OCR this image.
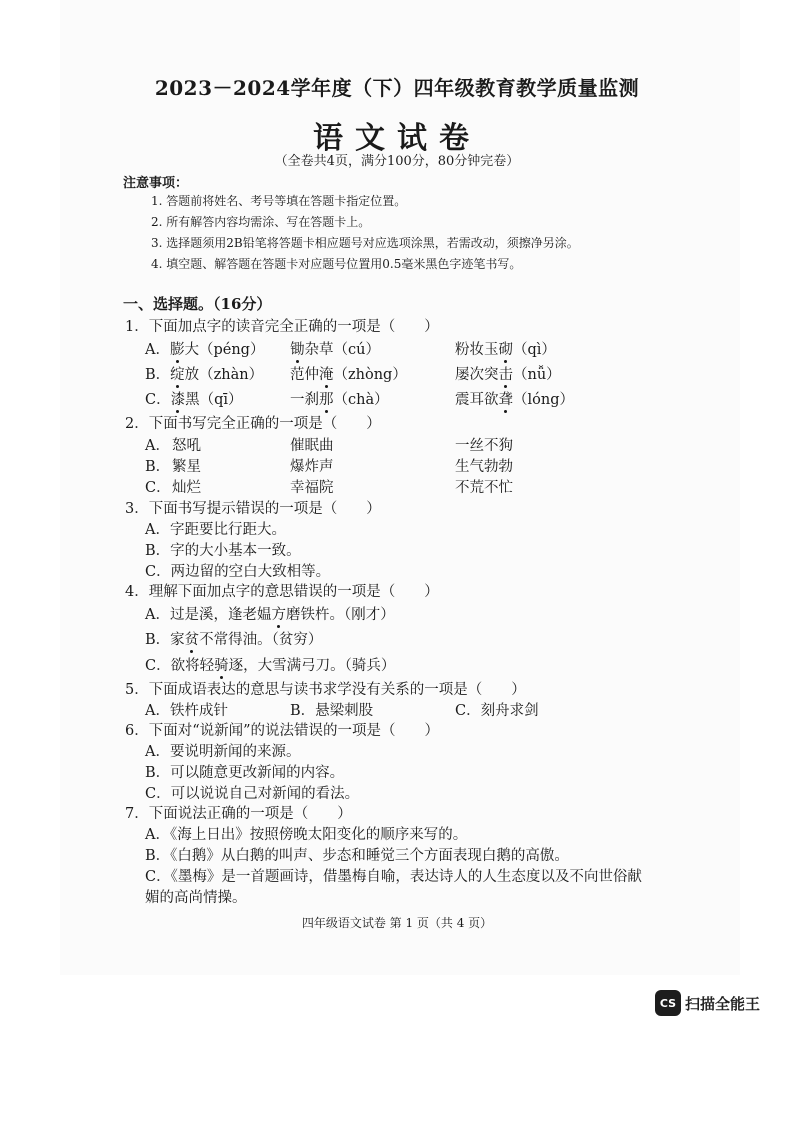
2023－2024学年度（下）四年级教育教学质量监测
语文试卷
（全卷共4页，满分100分，80分钟完卷）
注意事项：
1. 答题前将姓名、考号等填在答题卡指定位置。
2. 所有解答内容均需涂、写在答题卡上。
3. 选择题须用2B铅笔将答题卡相应题号对应选项涂黑，若需改动，须擦净另涂。
4. 填空题、解答题在答题卡对应题号位置用0.5毫米黑色字迹笔书写。
一、选择题。（16分）
1．下面加点字的读音完全正确的一项是（　　）
A．膨大（péng） 锄杂草（cú）	粉妆玉砌（qì）
B．绽放（zhàn） 范仲淹（zhòng）	屡次突击（nǚ）
C．漆黑（qī）	一刹那（chà）	震耳欲聋（lóng）
2．下面书写完全正确的一项是（　　）
A． 怒吼	催眠曲	一丝不狗
B． 繁星	爆炸声	生气勃勃
C． 灿烂	幸福院	不荒不忙
3．下面书写提示错误的一项是（　　）
A．字距要比行距大。
B．字的大小基本一致。
C．两边留的空白大致相等。
4．理解下面加点字的意思错误的一项是（　　）
A．过是溪，逢老媪方磨铁杵。（刚才）
B．家贫不常得油。（贫穷）
C．欲将轻骑逐，大雪满弓刀。（骑兵）
5．下面成语表达的意思与读书求学没有关系的一项是（　　）
A．铁杵成针	B．悬梁刺股	C．刻舟求剑
6．下面对“说新闻”的说法错误的一项是（　　）
A．要说明新闻的来源。
B．可以随意更改新闻的内容。
C．可以说说自己对新闻的看法。
7．下面说法正确的一项是（　　）
A．《海上日出》按照傍晚太阳变化的顺序来写的。
B．《白鹅》从白鹅的叫声、步态和睡觉三个方面表现白鹅的高傲。
C．《墨梅》是一首题画诗，借墨梅自喻，表达诗人的人生态度以及不向世俗献
媚的高尚情操。
四年级语文试卷 第 1 页（共 4 页）
CS 扫描全能王
